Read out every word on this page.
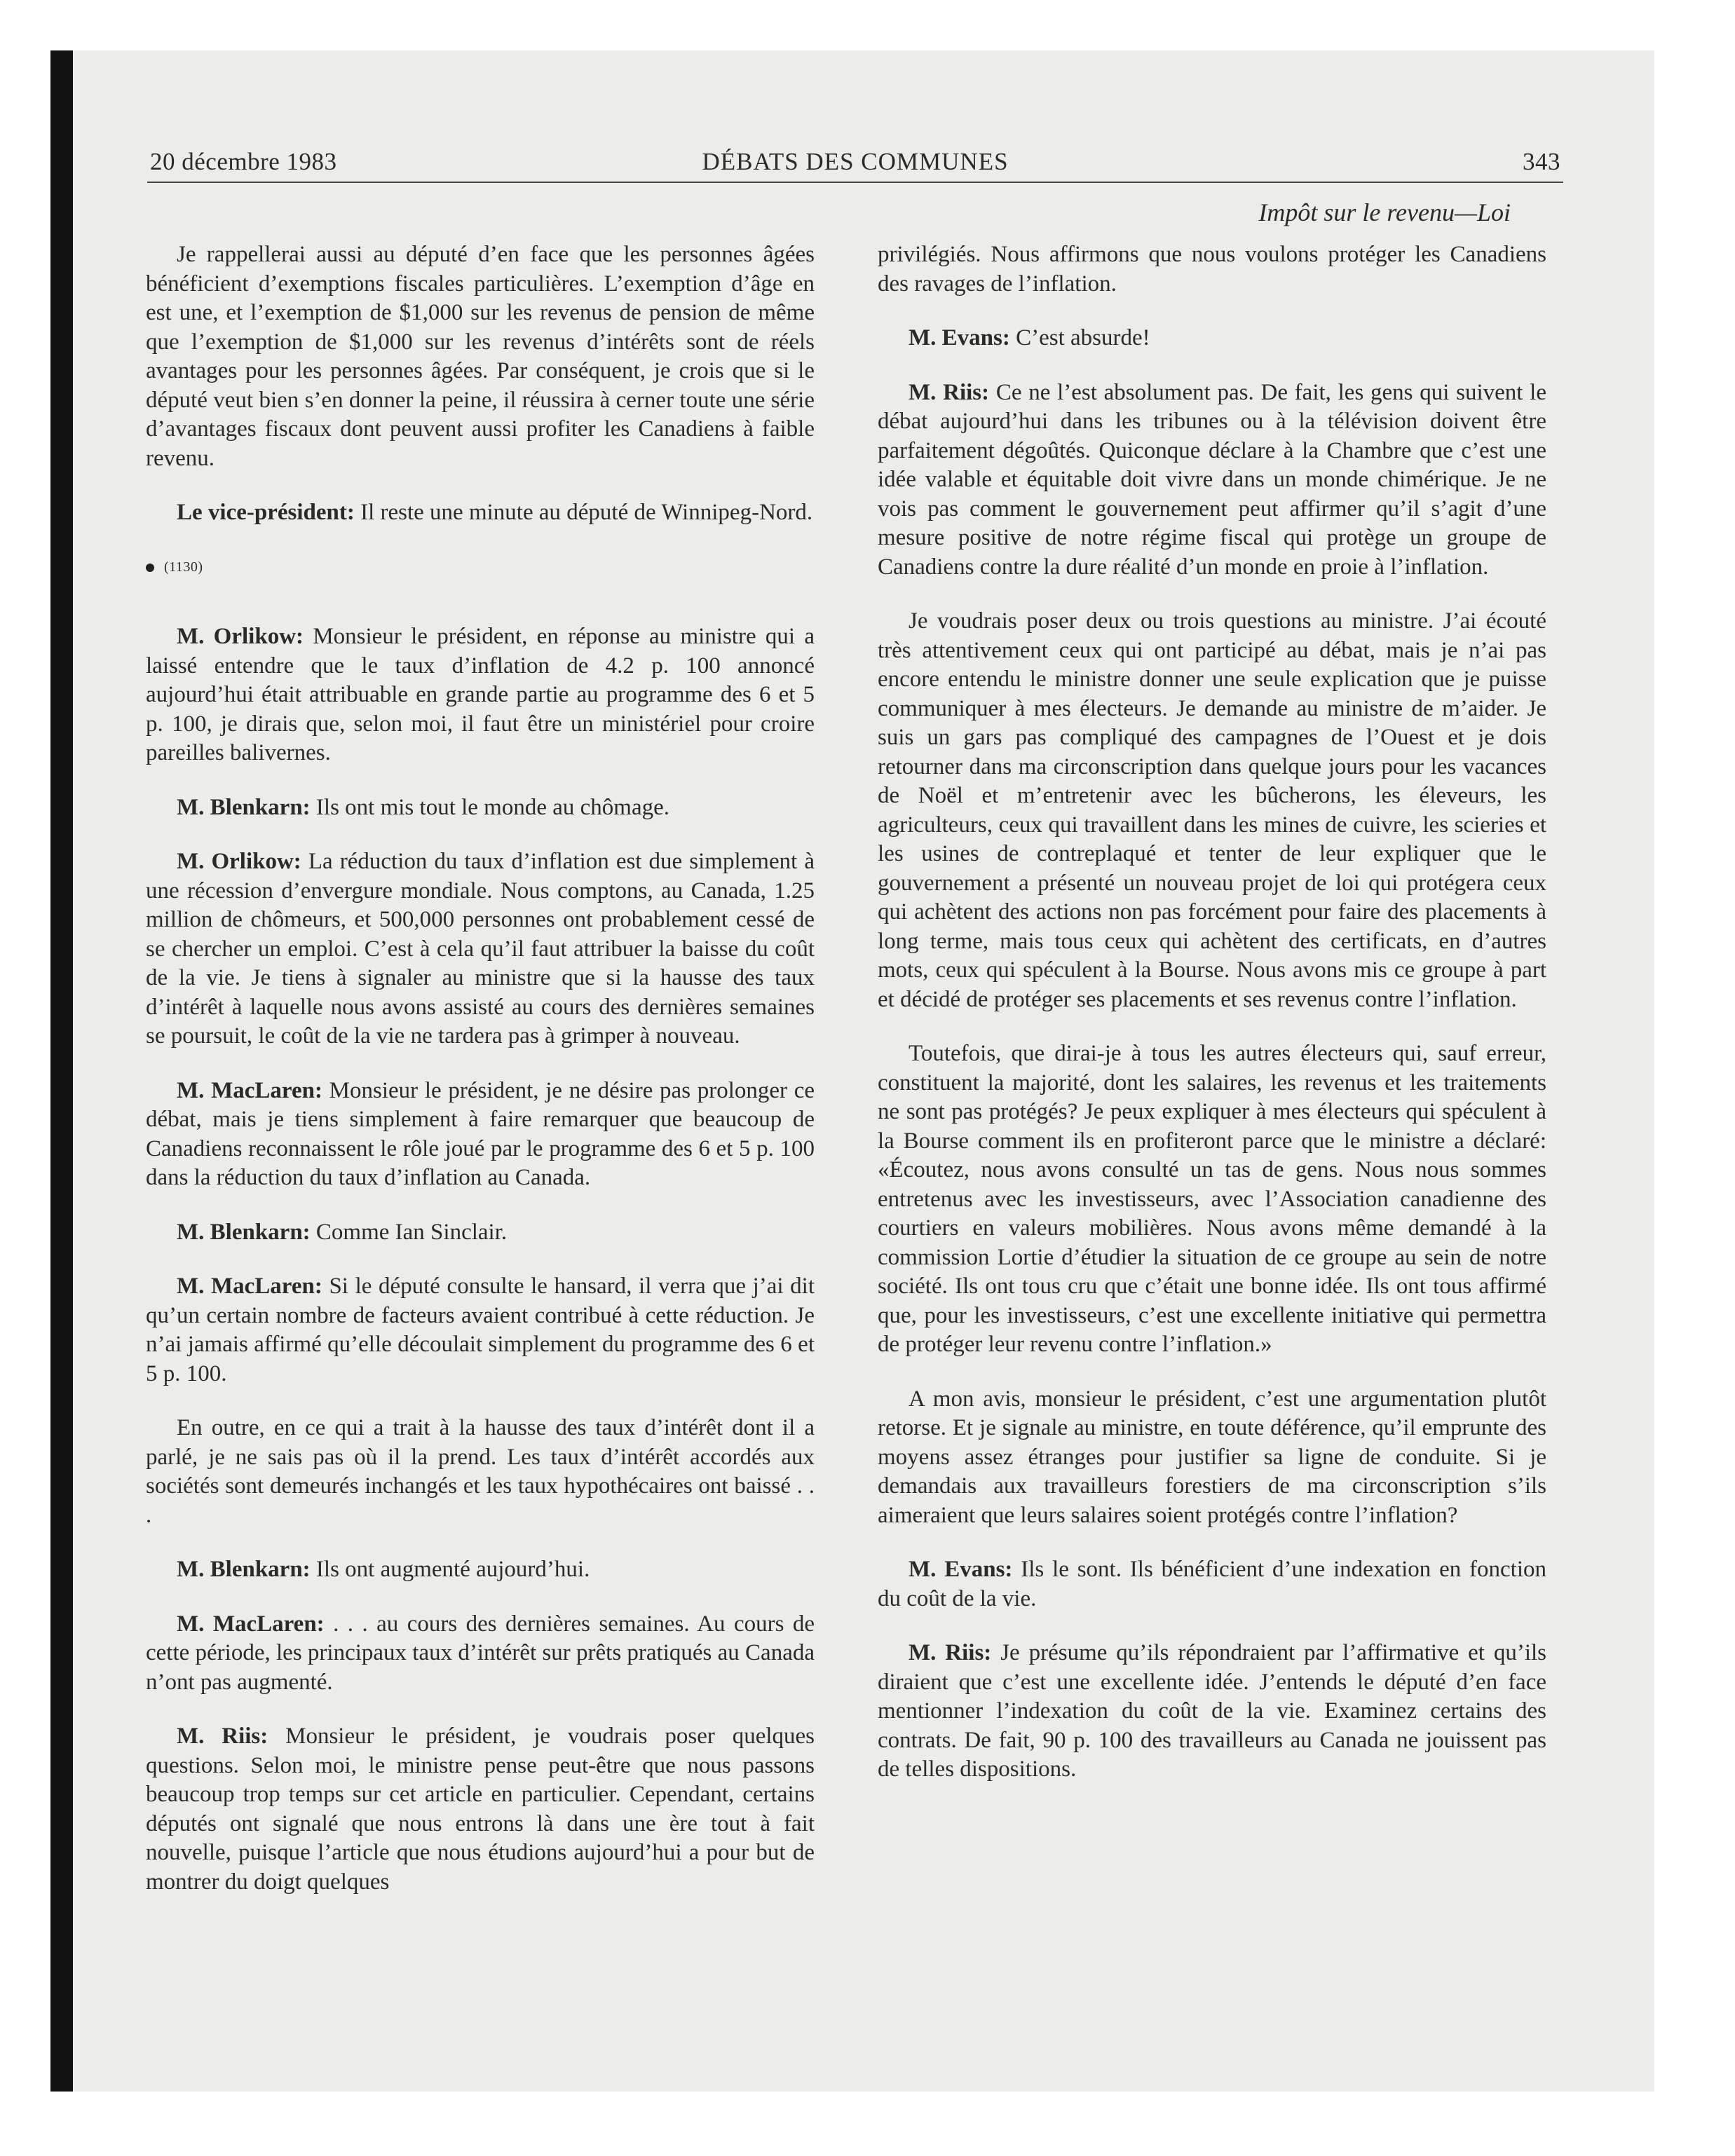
20 décembre 1983	DÉBATS DES COMMUNES	343
Impôt sur le revenu—Loi

Je rappellerai aussi au député d’en face que les personnes âgées bénéficient d’exemptions fiscales particulières. L’exemption d’âge en est une, et l’exemption de $1,000 sur les revenus de pension de même que l’exemption de $1,000 sur les revenus d’intérêts sont de réels avantages pour les personnes âgées. Par conséquent, je crois que si le député veut bien s’en donner la peine, il réussira à cerner toute une série d’avantages fiscaux dont peuvent aussi profiter les Canadiens à faible revenu.

Le vice-président: Il reste une minute au député de Winnipeg-Nord.

(1130)

M. Orlikow: Monsieur le président, en réponse au ministre qui a laissé entendre que le taux d’inflation de 4.2 p. 100 annoncé aujourd’hui était attribuable en grande partie au programme des 6 et 5 p. 100, je dirais que, selon moi, il faut être un ministériel pour croire pareilles balivernes.

M. Blenkarn: Ils ont mis tout le monde au chômage.

M. Orlikow: La réduction du taux d’inflation est due simplement à une récession d’envergure mondiale. Nous comptons, au Canada, 1.25 million de chômeurs, et 500,000 personnes ont probablement cessé de se chercher un emploi. C’est à cela qu’il faut attribuer la baisse du coût de la vie. Je tiens à signaler au ministre que si la hausse des taux d’intérêt à laquelle nous avons assisté au cours des dernières semaines se poursuit, le coût de la vie ne tardera pas à grimper à nouveau.

M. MacLaren: Monsieur le président, je ne désire pas prolonger ce débat, mais je tiens simplement à faire remarquer que beaucoup de Canadiens reconnaissent le rôle joué par le programme des 6 et 5 p. 100 dans la réduction du taux d’inflation au Canada.

M. Blenkarn: Comme Ian Sinclair.

M. MacLaren: Si le député consulte le hansard, il verra que j’ai dit qu’un certain nombre de facteurs avaient contribué à cette réduction. Je n’ai jamais affirmé qu’elle découlait simplement du programme des 6 et 5 p. 100.

En outre, en ce qui a trait à la hausse des taux d’intérêt dont il a parlé, je ne sais pas où il la prend. Les taux d’intérêt accordés aux sociétés sont demeurés inchangés et les taux hypothécaires ont baissé . . .

M. Blenkarn: Ils ont augmenté aujourd’hui.

M. MacLaren: . . . au cours des dernières semaines. Au cours de cette période, les principaux taux d’intérêt sur prêts pratiqués au Canada n’ont pas augmenté.

M. Riis: Monsieur le président, je voudrais poser quelques questions. Selon moi, le ministre pense peut-être que nous passons beaucoup trop temps sur cet article en particulier. Cependant, certains députés ont signalé que nous entrons là dans une ère tout à fait nouvelle, puisque l’article que nous étudions aujourd’hui a pour but de montrer du doigt quelques

privilégiés. Nous affirmons que nous voulons protéger les Canadiens des ravages de l’inflation.

M. Evans: C’est absurde!

M. Riis: Ce ne l’est absolument pas. De fait, les gens qui suivent le débat aujourd’hui dans les tribunes ou à la télévision doivent être parfaitement dégoûtés. Quiconque déclare à la Chambre que c’est une idée valable et équitable doit vivre dans un monde chimérique. Je ne vois pas comment le gouvernement peut affirmer qu’il s’agit d’une mesure positive de notre régime fiscal qui protège un groupe de Canadiens contre la dure réalité d’un monde en proie à l’inflation.

Je voudrais poser deux ou trois questions au ministre. J’ai écouté très attentivement ceux qui ont participé au débat, mais je n’ai pas encore entendu le ministre donner une seule explication que je puisse communiquer à mes électeurs. Je demande au ministre de m’aider. Je suis un gars pas compliqué des campagnes de l’Ouest et je dois retourner dans ma circonscription dans quelque jours pour les vacances de Noël et m’entretenir avec les bûcherons, les éleveurs, les agriculteurs, ceux qui travaillent dans les mines de cuivre, les scieries et les usines de contreplaqué et tenter de leur expliquer que le gouvernement a présenté un nouveau projet de loi qui protégera ceux qui achètent des actions non pas forcément pour faire des placements à long terme, mais tous ceux qui achètent des certificats, en d’autres mots, ceux qui spéculent à la Bourse. Nous avons mis ce groupe à part et décidé de protéger ses placements et ses revenus contre l’inflation.

Toutefois, que dirai-je à tous les autres électeurs qui, sauf erreur, constituent la majorité, dont les salaires, les revenus et les traitements ne sont pas protégés? Je peux expliquer à mes électeurs qui spéculent à la Bourse comment ils en profiteront parce que le ministre a déclaré: «Écoutez, nous avons consulté un tas de gens. Nous nous sommes entretenus avec les investisseurs, avec l’Association canadienne des courtiers en valeurs mobilières. Nous avons même demandé à la commission Lortie d’étudier la situation de ce groupe au sein de notre société. Ils ont tous cru que c’était une bonne idée. Ils ont tous affirmé que, pour les investisseurs, c’est une excellente initiative qui permettra de protéger leur revenu contre l’inflation.»

A mon avis, monsieur le président, c’est une argumentation plutôt retorse. Et je signale au ministre, en toute déférence, qu’il emprunte des moyens assez étranges pour justifier sa ligne de conduite. Si je demandais aux travailleurs forestiers de ma circonscription s’ils aimeraient que leurs salaires soient protégés contre l’inflation?

M. Evans: Ils le sont. Ils bénéficient d’une indexation en fonction du coût de la vie.

M. Riis: Je présume qu’ils répondraient par l’affirmative et qu’ils diraient que c’est une excellente idée. J’entends le député d’en face mentionner l’indexation du coût de la vie. Examinez certains des contrats. De fait, 90 p. 100 des travailleurs au Canada ne jouissent pas de telles dispositions.
